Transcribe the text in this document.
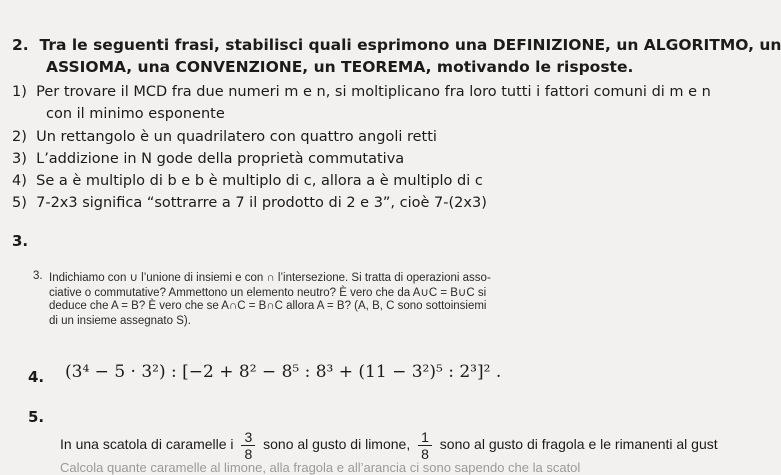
2. Tra le seguenti frasi, stabilisci quali esprimono una DEFINIZIONE, un ALGORITMO, un
ASSIOMA, una CONVENZIONE, un TEOREMA, motivando le risposte.
1) Per trovare il MCD fra due numeri m e n, si moltiplicano fra loro tutti i fattori comuni di m e n
con il minimo esponente
2) Un rettangolo è un quadrilatero con quattro angoli retti
3) L’addizione in N gode della proprietà commutativa
4) Se a è multiplo di b e b è multiplo di c, allora a è multiplo di c
5) 7-2x3 significa “sottrarre a 7 il prodotto di 2 e 3”, cioè 7-(2x3)
3.
3. Indichiamo con ∪ l’unione di insiemi e con ∩ l’intersezione. Si tratta di operazioni asso-
ciative o commutative? Ammettono un elemento neutro? È vero che da A∪C = B∪C si
deduce che A = B? È vero che se A∩C = B∩C allora A = B? (A, B, C sono sottoinsiemi
di un insieme assegnato S).
4. (3⁴ − 5 · 3²) : [−2 + 8² − 8⁵ : 8³ + (11 − 3²)⁵ : 2³]² .
5.
In una scatola di caramelle i $\frac{3}{8}$ sono al gusto di limone, $\frac{1}{8}$ sono al gusto di fragola e le rimanenti al gust
Calcola quante caramelle al limone, alla fragola e all’arancia ci sono sapendo che la scatol
